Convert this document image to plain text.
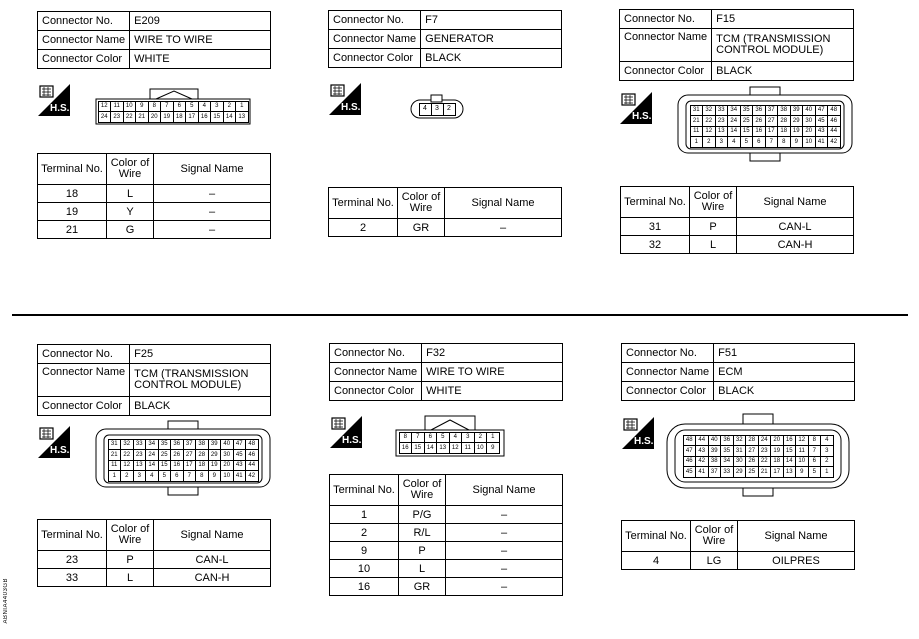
Connector No.	E209
Connector Name	WIRE TO WIRE
Connector Color	WHITE
H.S.	12	11	10	9	8	7	6	5	4	3	2	1
24 23 22 21 20 19 18 17 16 15 14 13
Terminal No.	Color of Wire	Signal Name
18	L	–
19	Y	–
21	G	–
Connector No.	F7
Connector Name	GENERATOR
Connector Color	BLACK
H.S.	4	3	2
Terminal No.	Color of Wire	Signal Name
2	GR	–
Connector No.	F15
Connector Name	TCM (TRANSMISSION CONTROL MODULE)
Connector Color	BLACK
H.S.
31 32 33 34 35 36 37 38 39 40 47 48
21 22 23 24 25 26 27 28 29 30 45 46
11	12 13 14 15 16 17 18 19 20 43 44
1	2	3	4	5	6	7	8	9	10 41 42
Terminal No.	Color of Wire	Signal Name
31	P	CAN-L
32	L	CAN-H
Connector No.	F25
Connector Name	TCM (TRANSMISSION CONTROL MODULE)
Connector Color	BLACK
H.S.
31 32 33 34 35 36 37 38 39 40 47 48
21 22 23 24 25 26 27 28 29 30 45 46
11	12 13 14 15 16 17 18 19 20 43 44
1	2	3	4	5	6	7	8	9	10 41 42
Terminal No.	Color of Wire	Signal Name
23	P	CAN-L
33	L	CAN-H
Connector No.	F32
Connector Name	WIRE TO WIRE
Connector Color	WHITE
H.S.	8	7	6	5	4	3	2	1
16 15 14 13 12	11	10	9
Terminal No.	Color of Wire	Signal Name
1	P/G	–
2	R/L	–
9	P	–
10	L	–
16	GR	–
Connector No.	F51
Connector Name	ECM
Connector Color	BLACK
H.S.	48 44 40 36 32 28 24 20 16 12	8	4
47 43 39 35 31 27 23 19 15	11	7	3
46 42 38 34 30 26 22 18 14 10	6	2
45 41 37 33 29 25 21 17 13	9	5	1
Terminal No.	Color of Wire	Signal Name
4	LG	OILPRES
ABNIA4403GB
